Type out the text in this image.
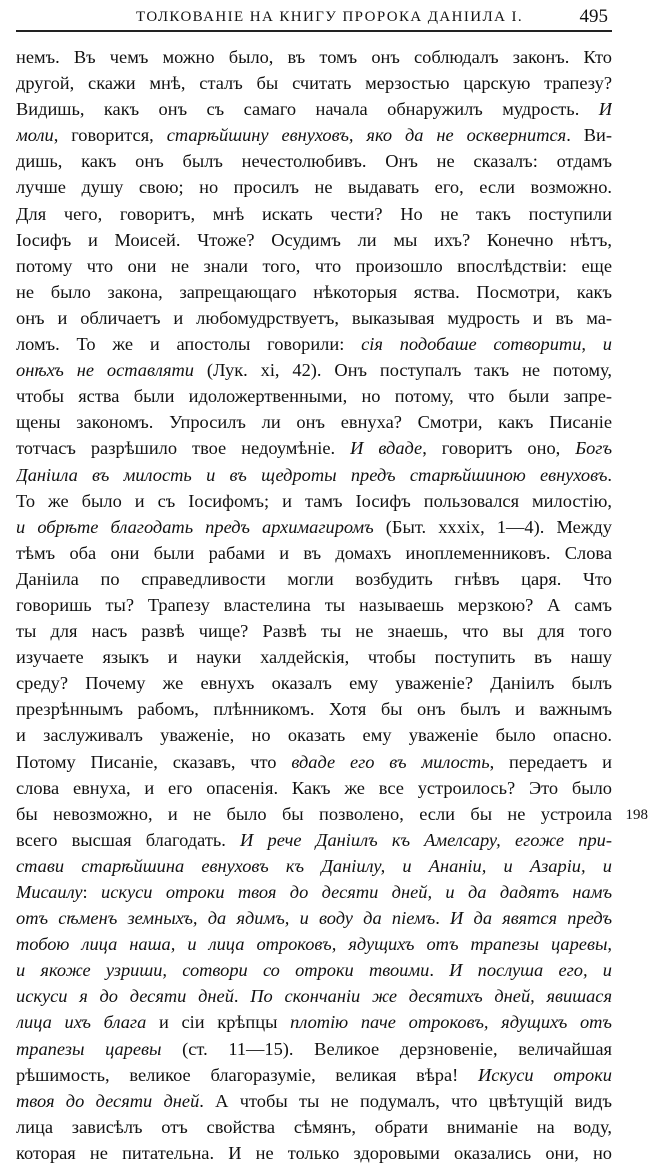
ТОЛКОВАНІЕ НА КНИГУ ПРОРОКА ДАНІИЛА I.	495
немъ. Въ чемъ можно было, въ томъ онъ соблюдалъ законъ. Кто
другой, скажи мнѣ, сталъ бы считать мерзостью царскую трапезу?
Видишь, какъ онъ съ самаго начала обнаружилъ мудрость. И
моли, говорится, старѣйшину евнуховъ, яко да не осквернится. Ви-
дишь, какъ онъ былъ нечестолюбивъ. Онъ не сказалъ: отдамъ
лучше душу свою; но просилъ не выдавать его, если возможно.
Для чего, говоритъ, мнѣ искать чести? Но не такъ поступили
Іосифъ и Моисей. Чтоже? Осудимъ ли мы ихъ? Конечно нѣтъ,
потому что они не знали того, что произошло впослѣдствіи: еще
не было закона, запрещающаго нѣкоторыя яства. Посмотри, какъ
онъ и обличаетъ и любомудрствуетъ, выказывая мудрость и въ ма-
ломъ. То же и апостолы говорили: сія подобаше сотворити, и
онѣхъ не оставляти (Лук. xi, 42). Онъ поступалъ такъ не потому,
чтобы яства были идоложертвенными, но потому, что были запре-
щены закономъ. Упросилъ ли онъ евнуха? Смотри, какъ Писаніе
тотчасъ разрѣшило твое недоумѣніе. И вдаде, говоритъ оно, Богъ
Даніила въ милость и въ щедроты предъ старѣйшиною евнуховъ.
То же было и съ Іосифомъ; и тамъ Іосифъ пользовался милостію,
и обрѣте благодать предъ архимагиромъ (Быт. xxxix, 1—4). Между
тѣмъ оба они были рабами и въ домахъ иноплеменниковъ. Слова
Даніила по справедливости могли возбудить гнѣвъ царя. Что
говоришь ты? Трапезу властелина ты называешь мерзкою? А самъ
ты для насъ развѣ чище? Развѣ ты не знаешь, что вы для того
изучаете языкъ и науки халдейскія, чтобы поступить въ нашу
среду? Почему же евнухъ оказалъ ему уваженіе? Даніилъ былъ
презрѣннымъ рабомъ, плѣнникомъ. Хотя бы онъ былъ и важнымъ
и заслуживалъ уваженіе, но оказать ему уваженіе было опасно.
Потому Писаніе, сказавъ, что вдаде его въ милость, передаетъ и
слова евнуха, и его опасенія. Какъ же все устроилось? Это было
бы невозможно, и не было бы позволено, если бы не устроила
всего высшая благодать. И рече Даніилъ къ Амелсару, егоже при-
стави старѣйшина евнуховъ къ Даніилу, и Ананіи, и Азаріи, и
Мисаилу: искуси отроки твоя до десяти дней, и да дадятъ намъ
отъ сѣменъ земныхъ, да ядимъ, и воду да піемъ. И да явятся предъ
тобою лица наша, и лица отроковъ, ядущихъ отъ трапезы царевы,
и якоже узриши, сотвори со отроки твоими. И послуша его, и
искуси я до десяти дней. По скончаніи же десятихъ дней, явишася
лица ихъ блага и сіи крѣпцы плотію паче отроковъ, ядущихъ отъ
трапезы царевы (ст. 11—15). Великое дерзновеніе, величайшая
рѣшимость, великое благоразуміе, великая вѣра! Искуси отроки
твоя до десяти дней. А чтобы ты не подумалъ, что цвѣтущій видъ
лица зависѣлъ отъ свойства сѣмянъ, обрати вниманіе на воду,
которая не питательна. И не только здоровыми оказались они, но
198
